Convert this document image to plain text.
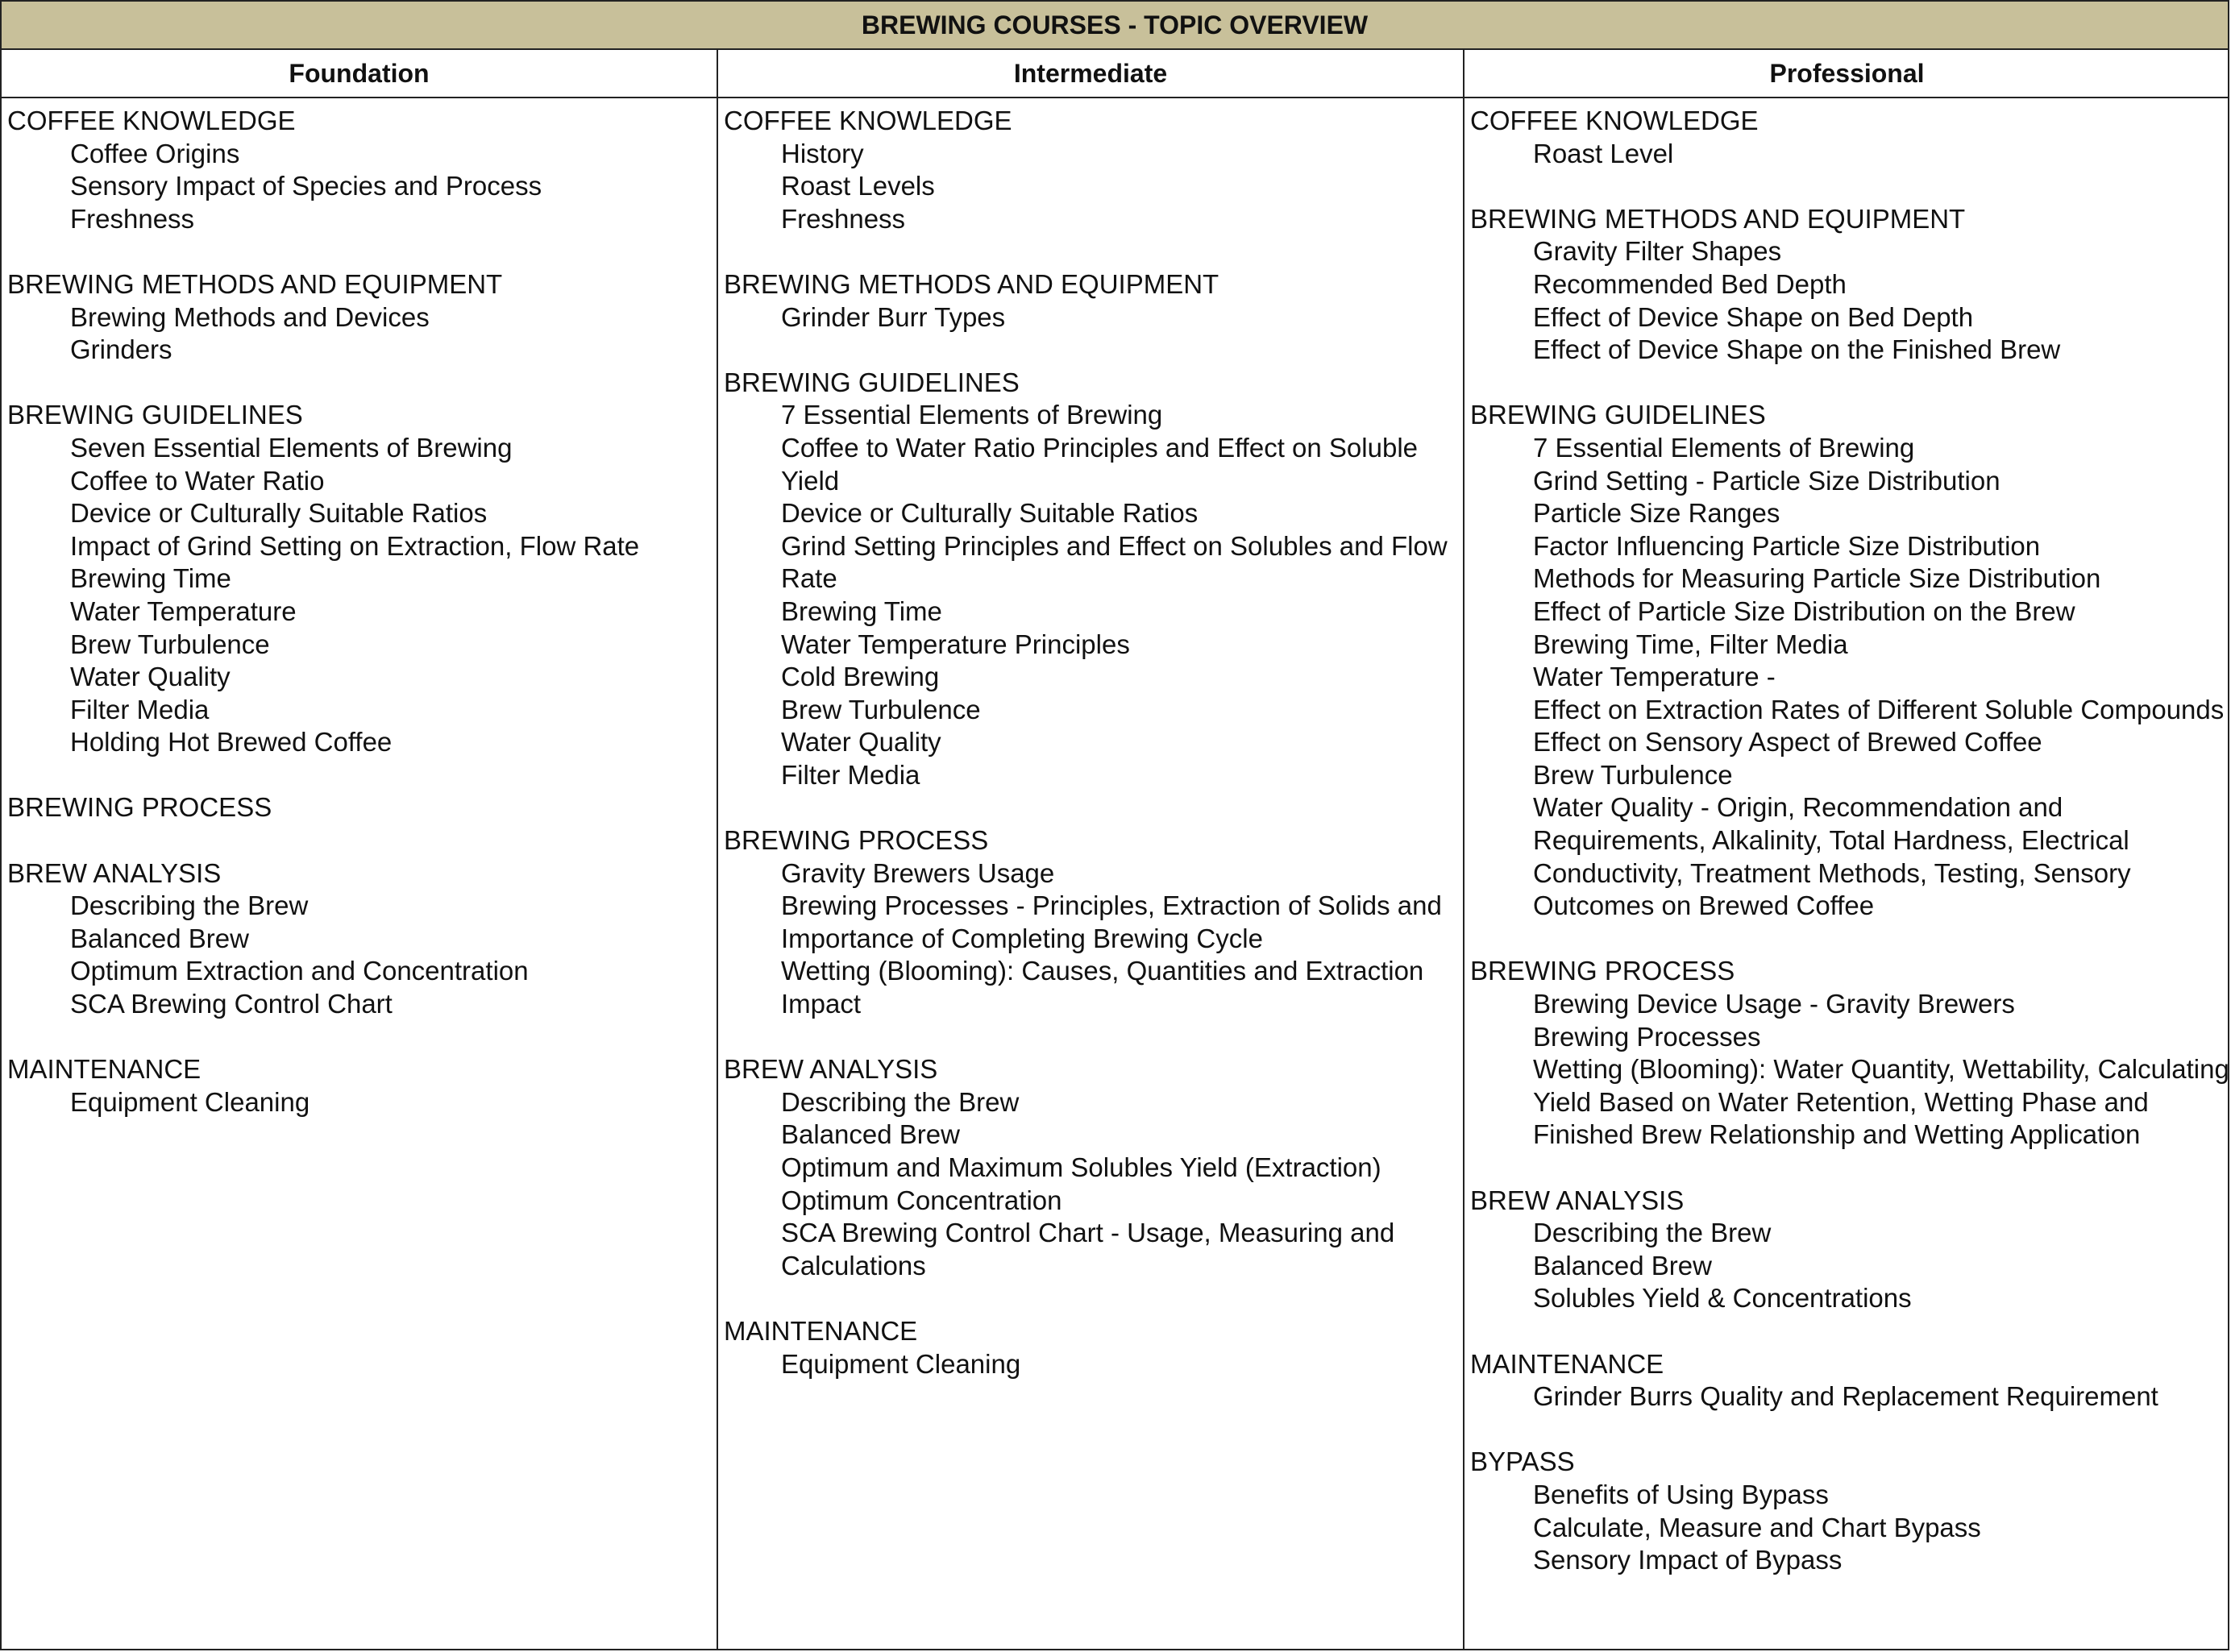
BREWING COURSES - TOPIC OVERVIEW
Foundation	Intermediate	Professional
COFFEE KNOWLEDGE
Coffee Origins
Sensory Impact of Species and Process
Freshness
BREWING METHODS AND EQUIPMENT
Brewing Methods and Devices
Grinders
BREWING GUIDELINES
Seven Essential Elements of Brewing
Coffee to Water Ratio
Device or Culturally Suitable Ratios
Impact of Grind Setting on Extraction, Flow Rate
Brewing Time
Water Temperature
Brew Turbulence
Water Quality
Filter Media
Holding Hot Brewed Coffee
BREWING PROCESS
BREW ANALYSIS
Describing the Brew
Balanced Brew
Optimum Extraction and Concentration
SCA Brewing Control Chart
MAINTENANCE
Equipment Cleaning
COFFEE KNOWLEDGE
History
Roast Levels
Freshness
BREWING METHODS AND EQUIPMENT
Grinder Burr Types
BREWING GUIDELINES
7 Essential Elements of Brewing
Coffee to Water Ratio Principles and Effect on Soluble Yield
Device or Culturally Suitable Ratios
Grind Setting Principles and Effect on Solubles and Flow Rate
Brewing Time
Water Temperature Principles
Cold Brewing
Brew Turbulence
Water Quality
Filter Media
BREWING PROCESS
Gravity Brewers Usage
Brewing Processes - Principles, Extraction of Solids and Importance of Completing Brewing Cycle
Wetting (Blooming): Causes, Quantities and Extraction Impact
BREW ANALYSIS
Describing the Brew
Balanced Brew
Optimum and Maximum Solubles Yield (Extraction)
Optimum Concentration
SCA Brewing Control Chart - Usage, Measuring and Calculations
MAINTENANCE
Equipment Cleaning
COFFEE KNOWLEDGE
Roast Level
BREWING METHODS AND EQUIPMENT
Gravity Filter Shapes
Recommended Bed Depth
Effect of Device Shape on Bed Depth
Effect of Device Shape on the Finished Brew
BREWING GUIDELINES
7 Essential Elements of Brewing
Grind Setting - Particle Size Distribution
Particle Size Ranges
Factor Influencing Particle Size Distribution
Methods for Measuring Particle Size Distribution
Effect of Particle Size Distribution on the Brew
Brewing Time, Filter Media
Water Temperature -
Effect on Extraction Rates of Different Soluble Compounds
Effect on Sensory Aspect of Brewed Coffee
Brew Turbulence
Water Quality - Origin, Recommendation and Requirements, Alkalinity, Total Hardness, Electrical Conductivity, Treatment Methods, Testing, Sensory Outcomes on Brewed Coffee
BREWING PROCESS
Brewing Device Usage - Gravity Brewers
Brewing Processes
Wetting (Blooming): Water Quantity, Wettability, Calculating Yield Based on Water Retention, Wetting Phase and Finished Brew Relationship and Wetting Application
BREW ANALYSIS
Describing the Brew
Balanced Brew
Solubles Yield & Concentrations
MAINTENANCE
Grinder Burrs Quality and Replacement Requirement
BYPASS
Benefits of Using Bypass
Calculate, Measure and Chart Bypass
Sensory Impact of Bypass
